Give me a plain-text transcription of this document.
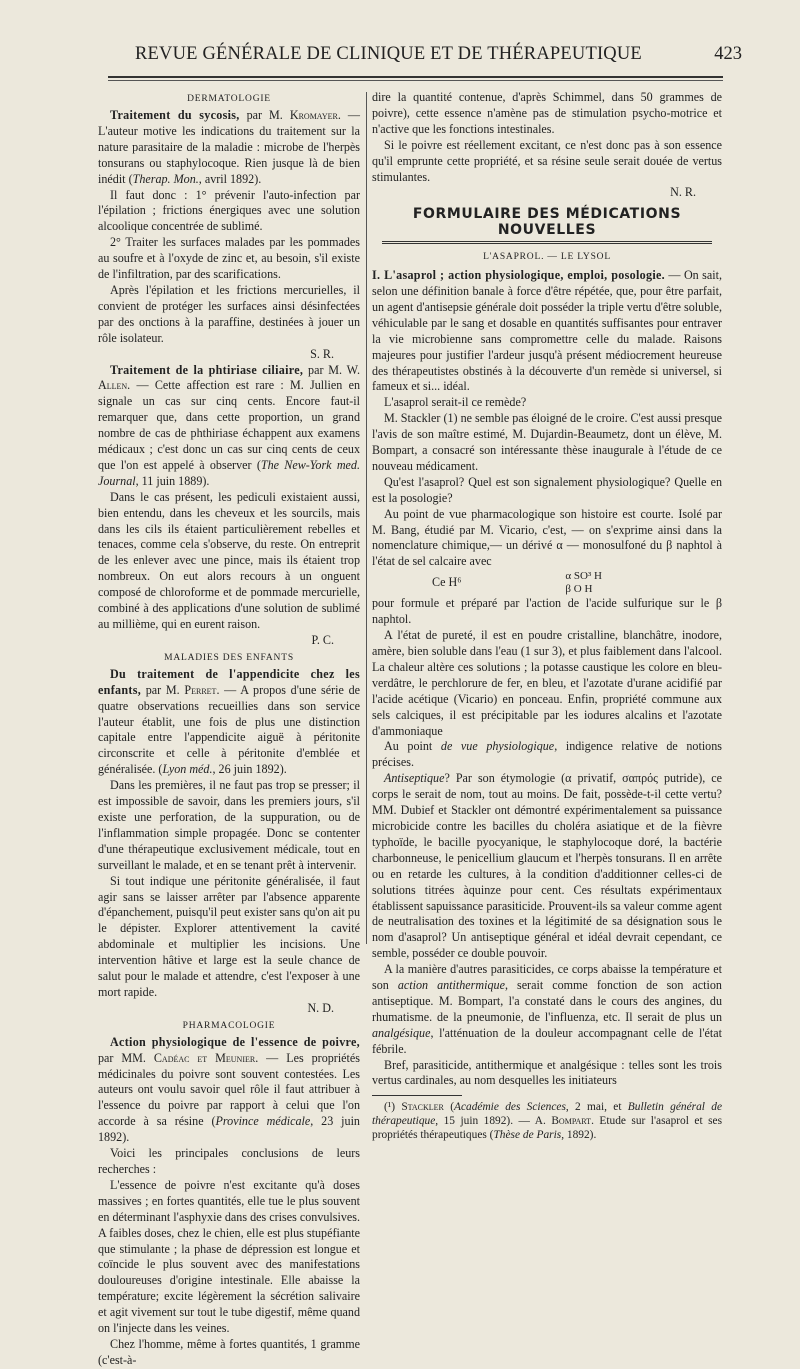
REVUE GÉNÉRALE DE CLINIQUE ET DE THÉRAPEUTIQUE	423
DERMATOLOGIE

Traitement du sycosis, par M. Kromayer. — L'auteur motive les indications du traitement sur la nature parasitaire de la maladie : microbe de l'herpès tonsurans ou staphylocoque. Rien jusque là de bien inédit (Therap. Mon., avril 1892).

Il faut donc : 1° prévenir l'auto-infection par l'épilation ; frictions énergiques avec une solution alcoolique concentrée de sublimé.

2° Traiter les surfaces malades par les pommades au soufre et à l'oxyde de zinc et, au besoin, s'il existe de l'infiltration, par des scarifications.

Après l'épilation et les frictions mercurielles, il convient de protéger les surfaces ainsi désinfectées par des onctions à la paraffine, destinées à jouer un rôle isolateur.

S. R.

Traitement de la phtiriase ciliaire, par M. W. Allen. — Cette affection est rare : M. Jullien en signale un cas sur cinq cents. Encore faut-il remarquer que, dans cette proportion, un grand nombre de cas de phthiriase échappent aux examens médicaux ; c'est donc un cas sur cinq cents de ceux que l'on est appelé à observer (The New-York med. Journal, 11 juin 1889).

Dans le cas présent, les pediculi existaient aussi, bien entendu, dans les cheveux et les sourcils, mais dans les cils ils étaient particulièrement rebelles et tenaces, comme cela s'observe, du reste. On entreprit de les enlever avec une pince, mais ils étaient trop nombreux. On eut alors recours à un onguent composé de chloroforme et de pommade mercurielle, combiné à des applications d'une solution de sublimé au millième, qui en eurent raison.

P. C.

MALADIES DES ENFANTS

Du traitement de l'appendicite chez les enfants, par M. Perret. — A propos d'une série de quatre observations recueillies dans son service l'auteur établit, une fois de plus une distinction capitale entre l'appendicite aiguë à péritonite circonscrite et celle à péritonite d'emblée et généralisée. (Lyon méd., 26 juin 1892).

Dans les premières, il ne faut pas trop se presser; il est impossible de savoir, dans les premiers jours, s'il existe une perforation, de la suppuration, ou de l'inflammation simple propagée. Donc se contenter d'une thérapeutique exclusivement médicale, tout en surveillant le malade, et en se tenant prêt à intervenir.

Si tout indique une péritonite généralisée, il faut agir sans se laisser arrêter par l'absence apparente d'épanchement, puisqu'il peut exister sans qu'on ait pu le dépister. Explorer attentivement la cavité abdominale et multiplier les incisions. Une intervention hâtive et large est la seule chance de salut pour le malade et attendre, c'est l'exposer à une mort rapide.

N. D.

PHARMACOLOGIE

Action physiologique de l'essence de poivre, par MM. Cadéac et Meunier. — Les propriétés médicinales du poivre sont souvent contestées. Les auteurs ont voulu savoir quel rôle il faut attribuer à l'essence du poivre par rapport à celui que l'on accorde à sa résine (Province médicale, 23 juin 1892).

Voici les principales conclusions de leurs recherches :

L'essence de poivre n'est excitante qu'à doses massives ; en fortes quantités, elle tue le plus souvent en déterminant l'asphyxie dans des crises convulsives. A faibles doses, chez le chien, elle est plus stupéfiante que stimulante ; la phase de dépression est longue et coïncide le plus souvent avec des manifestations douloureuses d'origine intestinale. Elle abaisse la température; excite légèrement la sécrétion salivaire et agit vivement sur tout le tube digestif, même quand on l'injecte dans les veines.

Chez l'homme, même à fortes quantités, 1 gramme (c'est-à-

dire la quantité contenue, d'après Schimmel, dans 50 grammes de poivre), cette essence n'amène pas de stimulation psycho-motrice et n'active que les fonctions intestinales.

Si le poivre est réellement excitant, ce n'est donc pas à son essence qu'il emprunte cette propriété, et sa résine seule serait douée de vertus stimulantes.

N. R.

FORMULAIRE DES MÉDICATIONS NOUVELLES
L'ASAPROL. — LE LYSOL

I. L'asaprol ; action physiologique, emploi, posologie. — On sait, selon une définition banale à force d'être répétée, que, pour être parfait, un agent d'antisepsie générale doit posséder la triple vertu d'être soluble, véhiculable par le sang et dosable en quantités suffisantes pour entraver la vie microbienne sans compromettre celle du malade. Raisons majeures pour justifier l'ardeur jusqu'à présent médiocrement heureuse des thérapeutistes obstinés à la découverte d'un remède si universel, si fameux et si... idéal.

L'asaprol serait-il ce remède?

M. Stackler (1) ne semble pas éloigné de le croire. C'est aussi presque l'avis de son maître estimé, M. Dujardin-Beaumetz, dont un élève, M. Bompart, a consacré son intéressante thèse inaugurale à l'étude de ce nouveau médicament.

Qu'est l'asaprol? Quel est son signalement physiologique? Quelle en est la posologie?

Au point de vue pharmacologique son histoire est courte. Isolé par M. Bang, étudié par M. Vicario, c'est, — on s'exprime ainsi dans la nomenclature chimique,— un dérivé α — monosulfoné du β naphtol à l'état de sel calcaire avec

Ce H⁶	α SO³ H
β O H

pour formule et préparé par l'action de l'acide sulfurique sur le β naphtol.

A l'état de pureté, il est en poudre cristalline, blanchâtre, inodore, amère, bien soluble dans l'eau (1 sur 3), et plus faiblement dans l'alcool. La chaleur altère ces solutions ; la potasse caustique les colore en bleu-verdâtre, le perchlorure de fer, en bleu, et l'azotate d'urane acidifié par l'acide acétique (Vicario) en ponceau. Enfin, propriété commune aux sels calciques, il est précipitable par les iodures alcalins et l'azotate d'ammoniaque

Au point de vue physiologique, indigence relative de notions précises.

Antiseptique? Par son étymologie (α privatif, σαπρός putride), ce corps le serait de nom, tout au moins. De fait, possède-t-il cette vertu? MM. Dubief et Stackler ont démontré expérimentalement sa puissance microbicide contre les bacilles du choléra asiatique et de la fièvre typhoïde, le bacille pyocyanique, le staphylocoque doré, la bactérie charbonneuse, le penicellium glaucum et l'herpès tonsurans. Il en arrête ou en retarde les cultures, à la condition d'additionner celles-ci de solutions titrées àquinze pour cent. Ces résultats expérimentaux établissent sapuissance parasiticide. Prouvent-ils sa valeur comme agent de neutralisation des toxines et la légitimité de sa désignation sous le nom d'asaprol? Un antiseptique général et idéal devrait cependant, ce semble, posséder ce double pouvoir.

A la manière d'autres parasiticides, ce corps abaisse la température et son action antithermique, serait comme fonction de son action antiseptique. M. Bompart, l'a constaté dans le cours des angines, du rhumatisme. de la pneumonie, de l'influenza, etc. Il serait de plus un analgésique, l'atténuation de la douleur accompagnant celle de l'état fébrile.

Bref, parasiticide, antithermique et analgésique : telles sont les trois vertus cardinales, au nom desquelles les initiateurs

(¹) Stackler (Académie des Sciences, 2 mai, et Bulletin général de thérapeutique, 15 juin 1892). — A. Bompart. Etude sur l'asaprol et ses propriétés thérapeutiques (Thèse de Paris, 1892).
